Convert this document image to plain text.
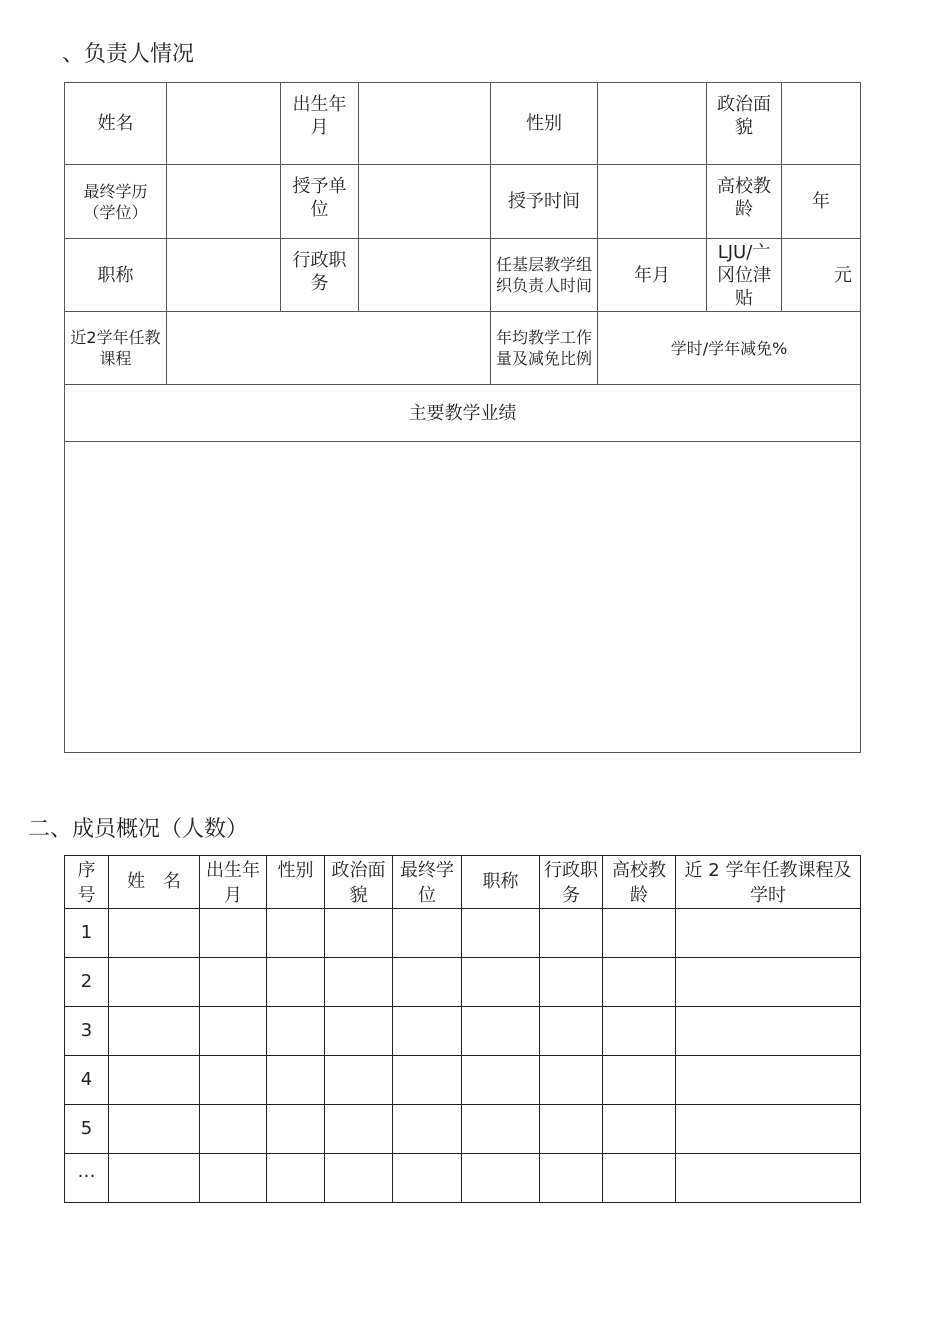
、负责人情况
姓名		出生年月		性别		政治面貌	
最终学历（学位）		授予单位		授予时间		高校教龄	年
职称		行政职务		任基层教学组织负责人时间	年月	LJU/亠冈位津贴	元
近2学年任教课程				年均教学工作量及减免比例	学时/学年减免%		
主要教学业绩							

二、成员概况（人数）
序号	姓　名	出生年月	性别	政治面貌	最终学位	职称	行政职务	高校教龄	近 2 学年任教课程及学时
1									
2									
3									
4									
5									
…									
